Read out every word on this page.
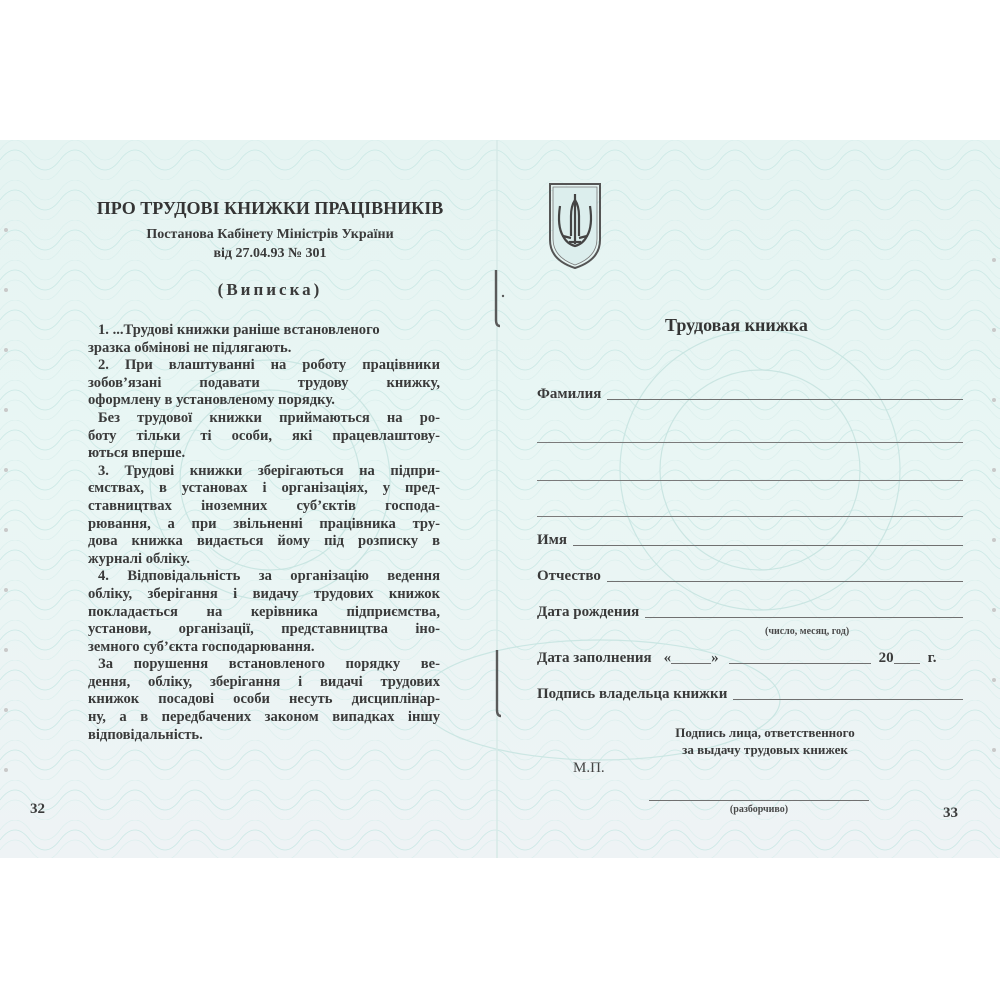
ПРО ТРУДОВІ КНИЖКИ ПРАЦІВНИКІВ
Постанова Кабінету Міністрів України
від 27.04.93 № 301
(Виписка)
1. ...Трудові книжки раніше встановленого
зразка обмінові не підлягають.
2. При влаштуванні на роботу працівники
зобов’язані подавати трудову книжку,
оформлену в установленому порядку.
Без трудової книжки приймаються на ро-
боту тільки ті особи, які працевлаштову-
ються вперше.
3. Трудові книжки зберігаються на підпри-
ємствах, в установах і організаціях, у пред-
ставництвах іноземних суб’єктів господа-
рювання, а при звільненні працівника тру-
дова книжка видається йому під розписку в
журналі обліку.
4. Відповідальність за організацію ведення
обліку, зберігання і видачу трудових книжок
покладається на керівника підприємства,
установи, організації, представництва іно-
земного суб’єкта господарювання.
За порушення встановленого порядку ве-
дення, обліку, зберігання і видачі трудових
книжок посадові особи несуть дисциплінар-
ну, а в передбачених законом випадках іншу
відповідальність.
32
Трудовая книжка
Фамилия
Имя
Отчество
Дата рождения
(число, месяц, год)
Дата заполнения «	»	20 г.
Подпись владельца книжки
Подпись лица, ответственного
за выдачу трудовых книжек
М.П.
(разборчиво)	33
